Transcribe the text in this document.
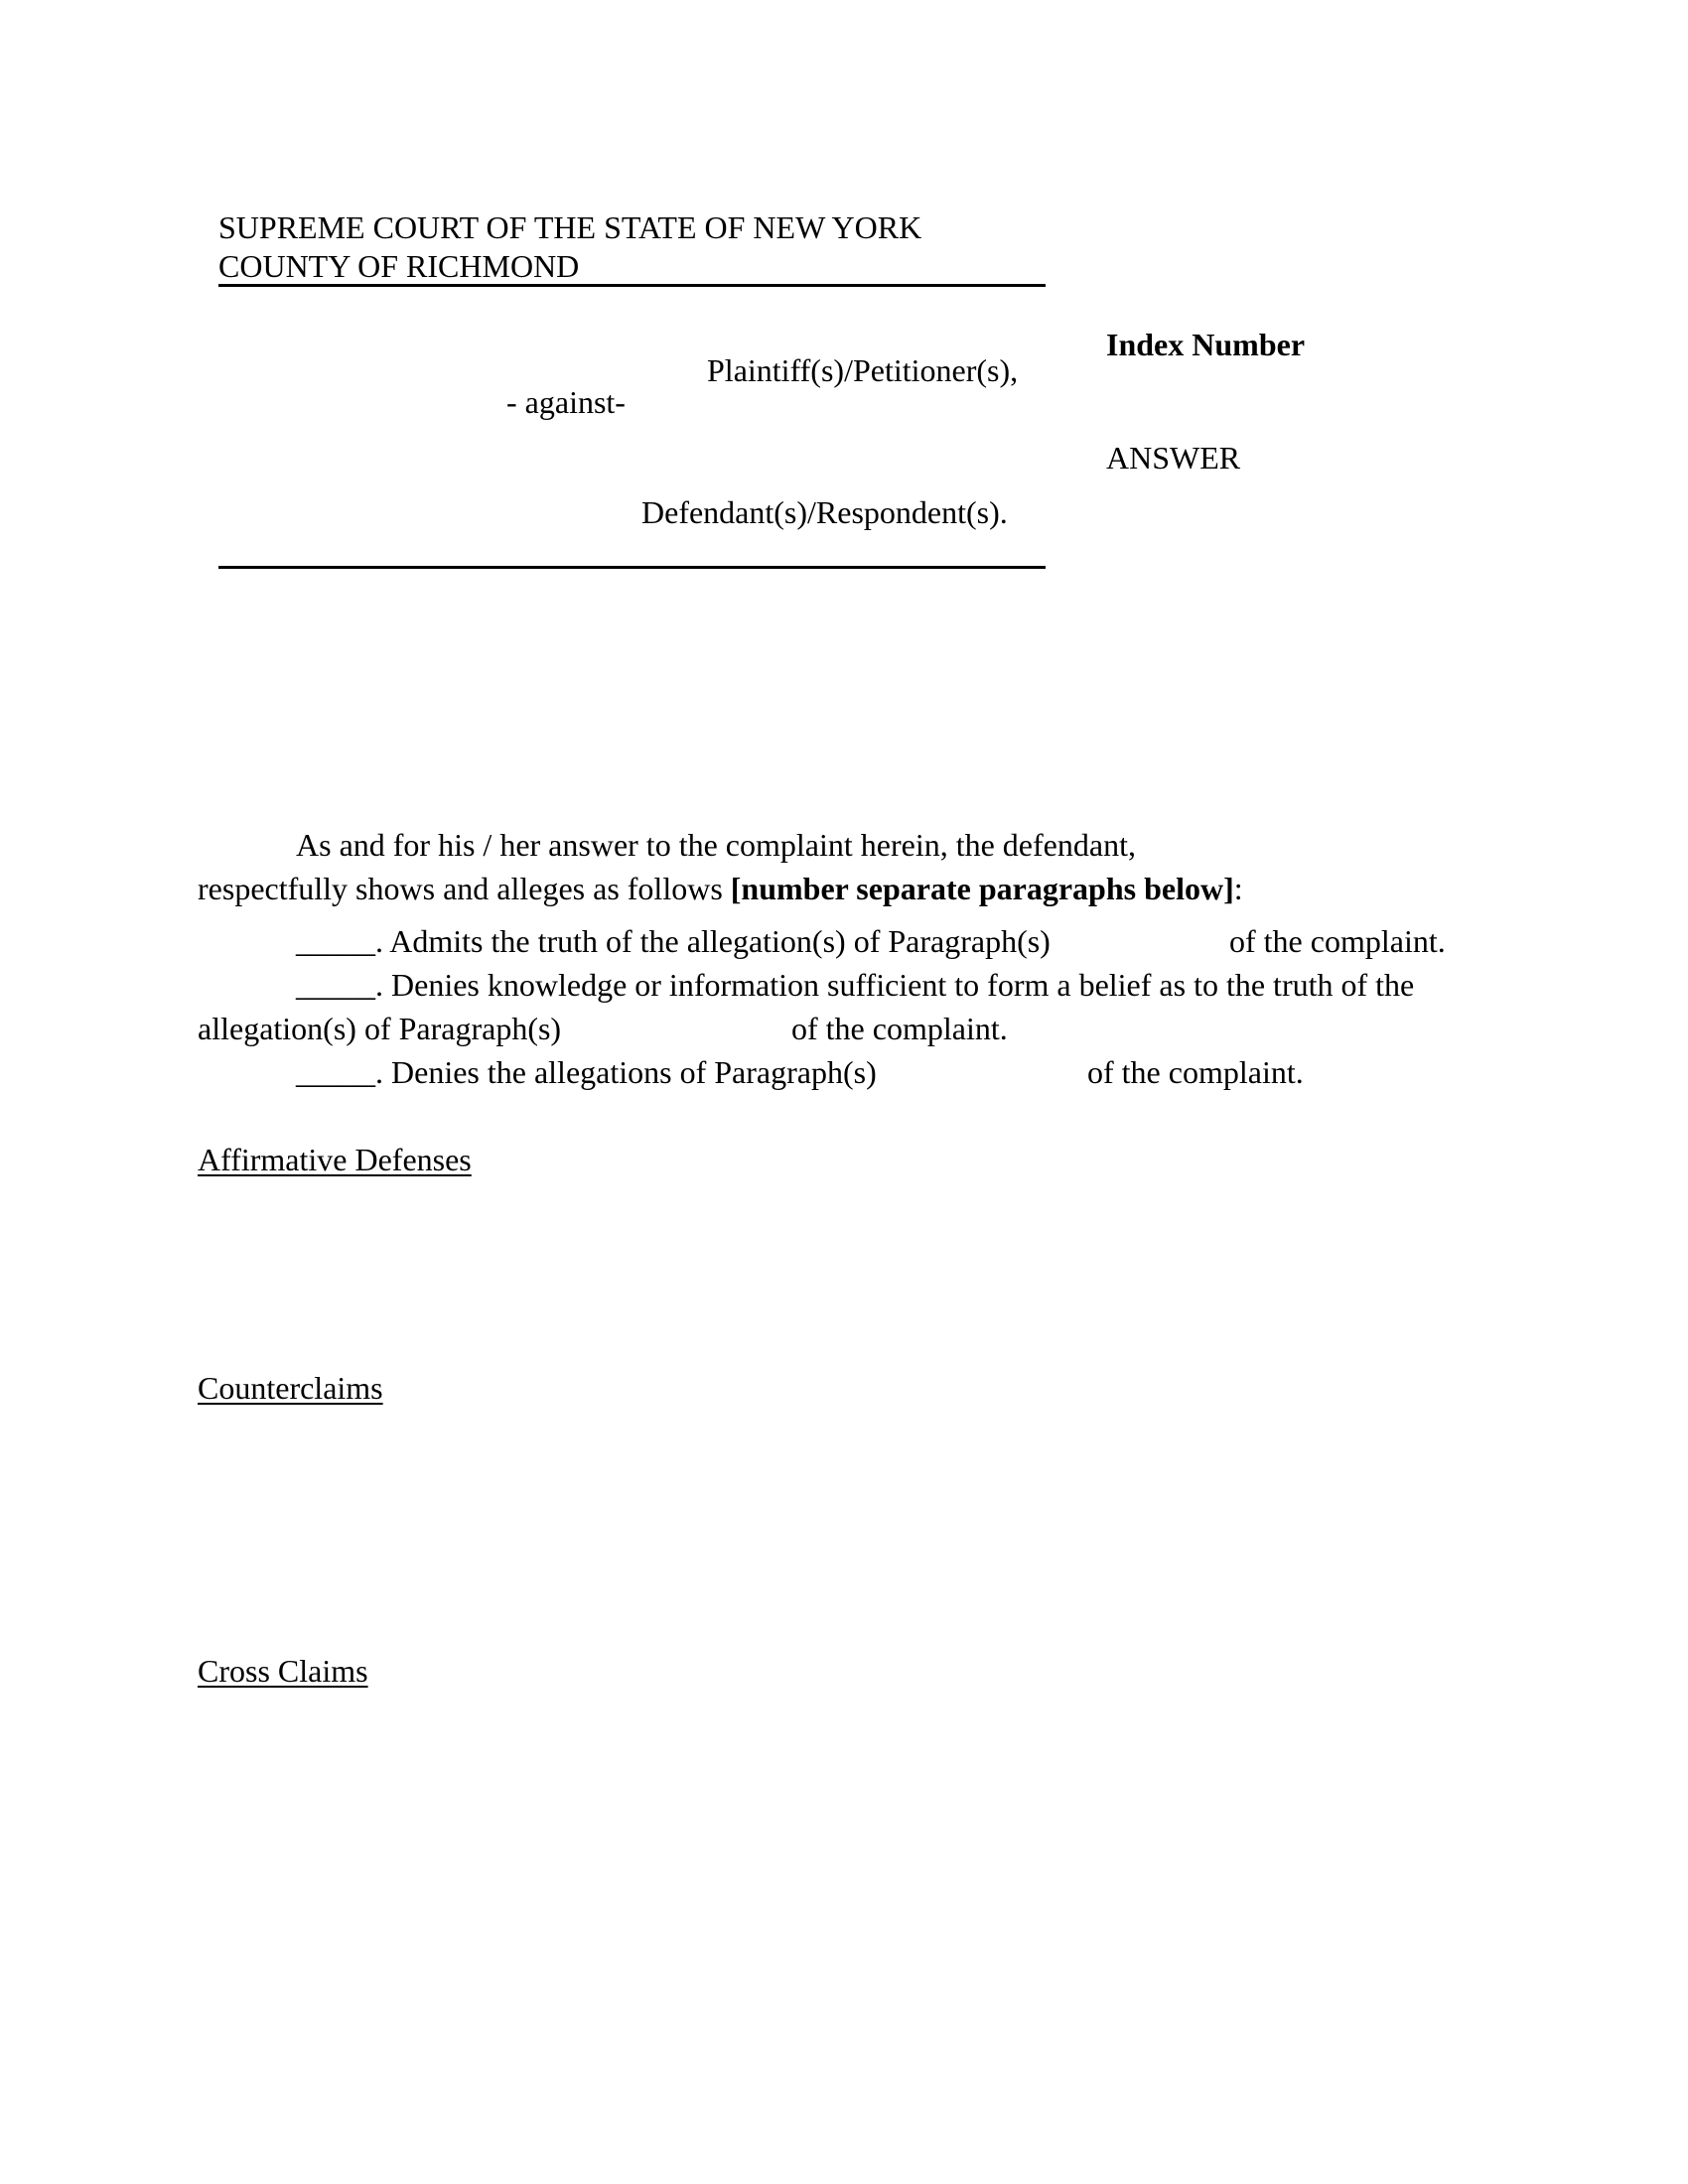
SUPREME COURT OF THE STATE OF NEW YORK
COUNTY OF RICHMOND
Plaintiff(s)/Petitioner(s),
- against-
Defendant(s)/Respondent(s).
Index Number
ANSWER
As and for his / her answer to the complaint herein, the defendant,
respectfully shows and alleges as follows [number separate paragraphs below]:
_____. Admits the truth of the allegation(s) of Paragraph(s)	of the complaint.
_____. Denies knowledge or information sufficient to form a belief as to the truth of the
allegation(s) of Paragraph(s)	of the complaint.
_____. Denies the allegations of Paragraph(s)	of the complaint.
Affirmative Defenses
Counterclaims
Cross Claims
